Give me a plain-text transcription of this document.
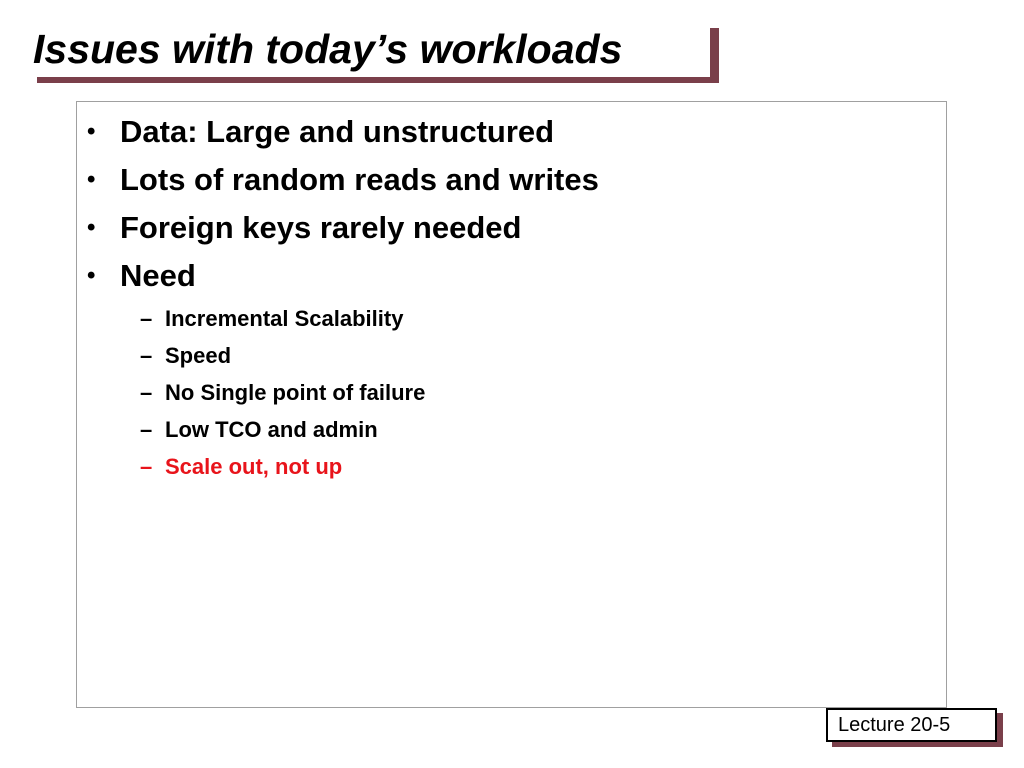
Issues with today’s workloads
• Data: Large and unstructured
• Lots of random reads and writes
• Foreign keys rarely needed
• Need
– Incremental Scalability
– Speed
– No Single point of failure
– Low TCO and admin
– Scale out, not up
Lecture 20-5
